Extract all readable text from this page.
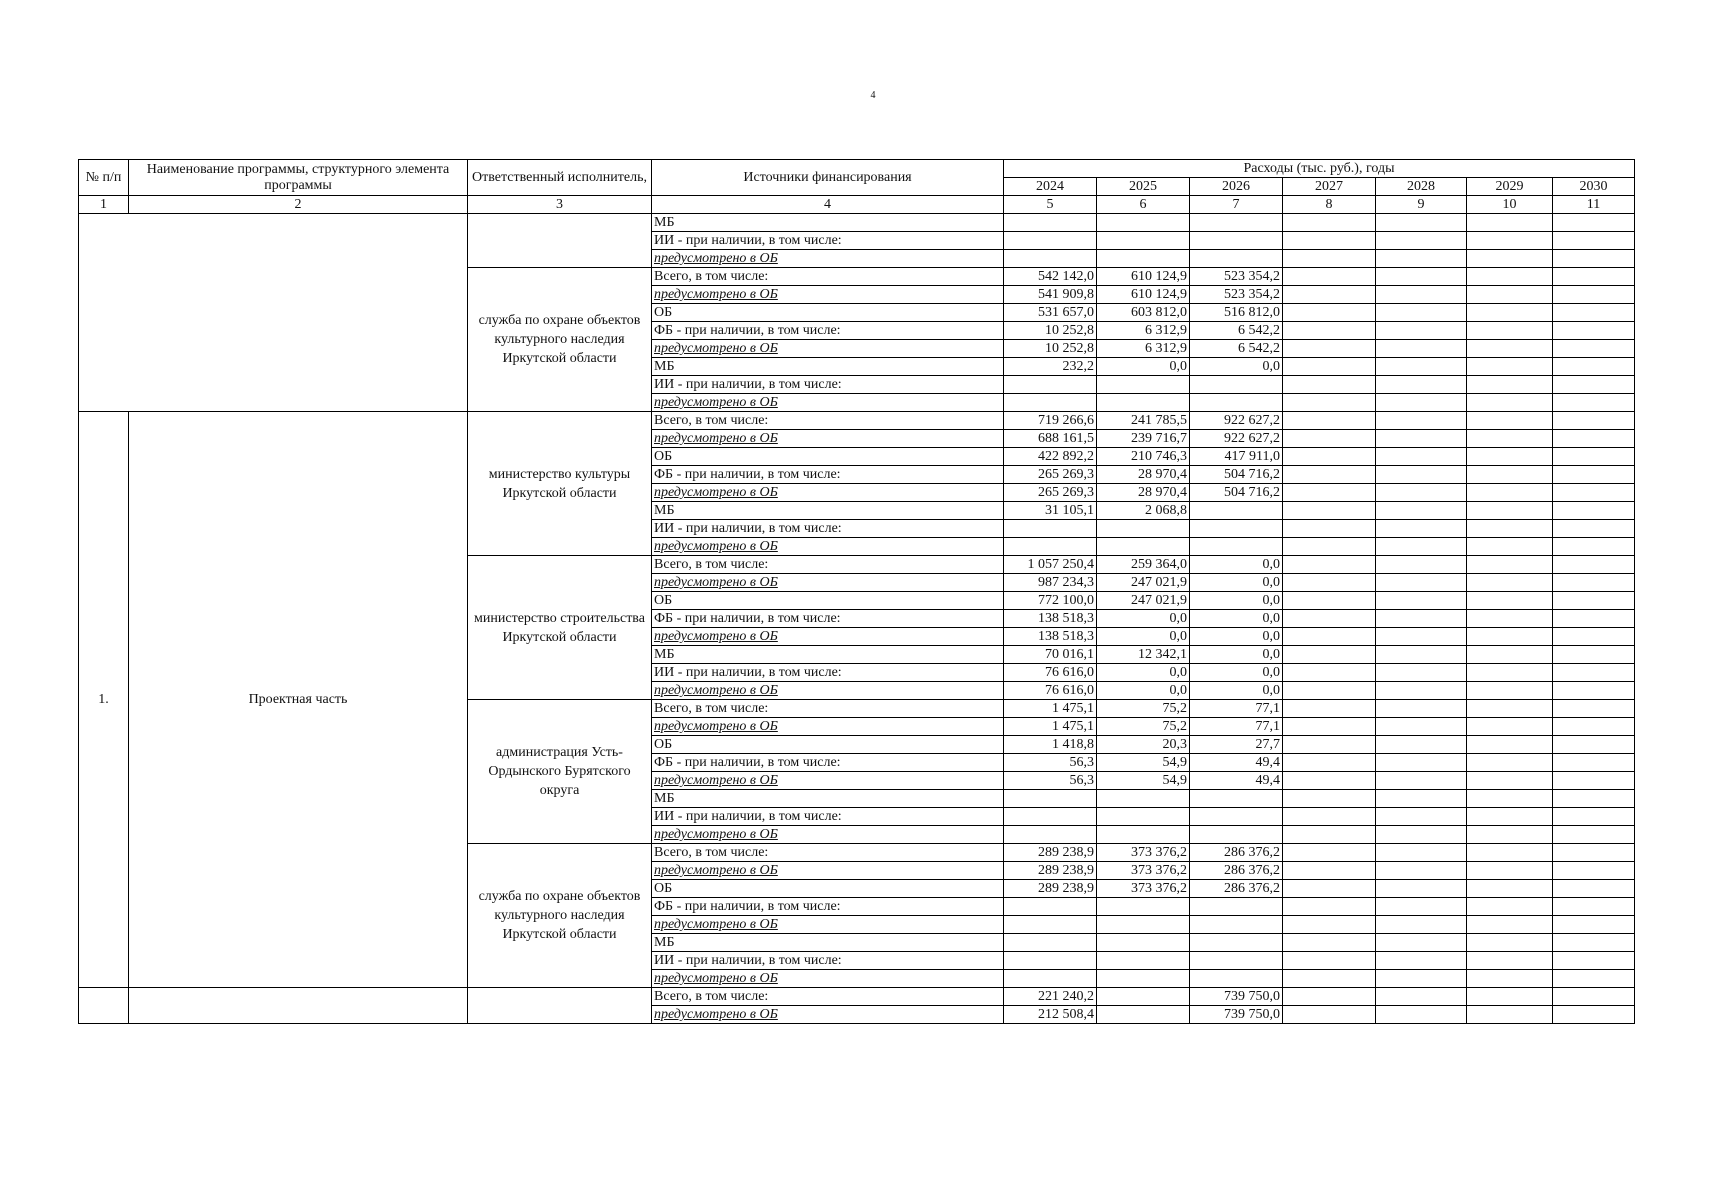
4
№ п/п	Наименование программы, структурного элемента программы	Ответственный исполнитель,	Источники финансирования	Расходы (тыс. руб.), годы						
				2024	2025	2026	2027	2028	2029	2030
1	2	3	4	5	6	7	8	9	10	11
			МБ							
			ИИ - при наличии, в том числе:							
			предусмотрено в ОБ							
		служба по охране объектов культурного наследия Иркутской области	Всего, в том числе:	542 142,0	610 124,9	523 354,2				
			предусмотрено в ОБ	541 909,8	610 124,9	523 354,2				
			ОБ	531 657,0	603 812,0	516 812,0				
			ФБ - при наличии, в том числе:	10 252,8	6 312,9	6 542,2				
			предусмотрено в ОБ	10 252,8	6 312,9	6 542,2				
			МБ	232,2	0,0	0,0				
			ИИ - при наличии, в том числе:							
			предусмотрено в ОБ							
1.	Проектная часть	министерство культуры Иркутской области	Всего, в том числе:	719 266,6	241 785,5	922 627,2				
			предусмотрено в ОБ	688 161,5	239 716,7	922 627,2				
			ОБ	422 892,2	210 746,3	417 911,0				
			ФБ - при наличии, в том числе:	265 269,3	28 970,4	504 716,2				
			предусмотрено в ОБ	265 269,3	28 970,4	504 716,2				
			МБ	31 105,1	2 068,8					
			ИИ - при наличии, в том числе:							
			предусмотрено в ОБ							
		министерство строительства Иркутской области	Всего, в том числе:	1 057 250,4	259 364,0	0,0				
			предусмотрено в ОБ	987 234,3	247 021,9	0,0				
			ОБ	772 100,0	247 021,9	0,0				
			ФБ - при наличии, в том числе:	138 518,3	0,0	0,0				
			предусмотрено в ОБ	138 518,3	0,0	0,0				
			МБ	70 016,1	12 342,1	0,0				
			ИИ - при наличии, в том числе:	76 616,0	0,0	0,0				
			предусмотрено в ОБ	76 616,0	0,0	0,0				
		администрация Усть-Ордынского Бурятского округа	Всего, в том числе:	1 475,1	75,2	77,1				
			предусмотрено в ОБ	1 475,1	75,2	77,1				
			ОБ	1 418,8	20,3	27,7				
			ФБ - при наличии, в том числе:	56,3	54,9	49,4				
			предусмотрено в ОБ	56,3	54,9	49,4				
			МБ							
			ИИ - при наличии, в том числе:							
			предусмотрено в ОБ							
		служба по охране объектов культурного наследия Иркутской области	Всего, в том числе:	289 238,9	373 376,2	286 376,2				
			предусмотрено в ОБ	289 238,9	373 376,2	286 376,2				
			ОБ	289 238,9	373 376,2	286 376,2				
			ФБ - при наличии, в том числе:							
			предусмотрено в ОБ							
			МБ							
			ИИ - при наличии, в том числе:							
			предусмотрено в ОБ							
			Всего, в том числе:	221 240,2		739 750,0				
			предусмотрено в ОБ	212 508,4		739 750,0				
